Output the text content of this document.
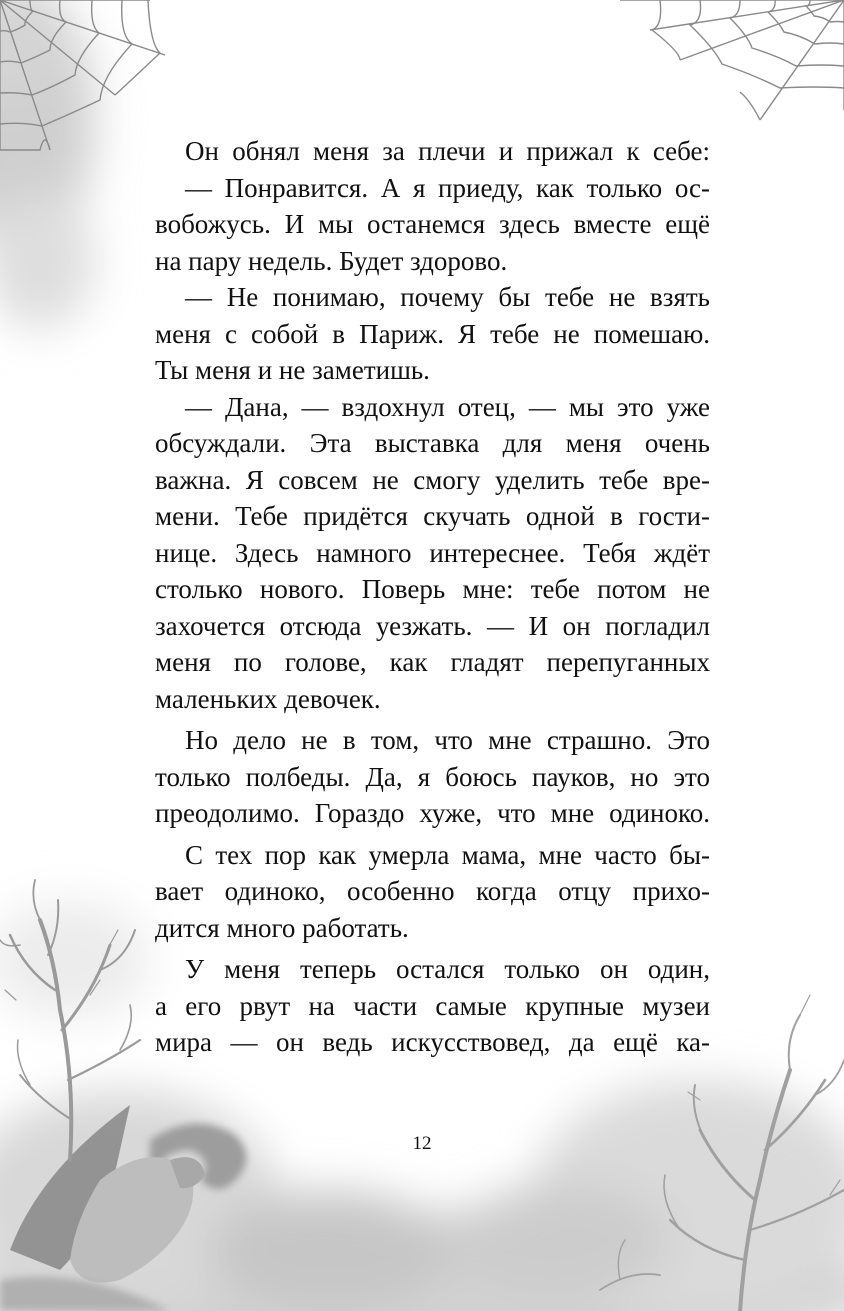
Он обнял меня за плечи и прижал к себе:
— Понравится. А я приеду, как только ос-
вобожусь. И мы останемся здесь вместе ещё
на пару недель. Будет здорово.
— Не понимаю, почему бы тебе не взять
меня с собой в Париж. Я тебе не помешаю.
Ты меня и не заметишь.
— Дана, — вздохнул отец, — мы это уже
обсуждали. Эта выставка для меня очень
важна. Я совсем не смогу уделить тебе вре-
мени. Тебе придётся скучать одной в гости-
нице. Здесь намного интереснее. Тебя ждёт
столько нового. Поверь мне: тебе потом не
захочется отсюда уезжать. — И он погладил
меня по голове, как гладят перепуганных
маленьких девочек.
Но дело не в том, что мне страшно. Это
только полбеды. Да, я боюсь пауков, но это
преодолимо. Гораздо хуже, что мне одиноко.
С тех пор как умерла мама, мне часто бы-
вает одиноко, особенно когда отцу прихо-
дится много работать.
У меня теперь остался только он один,
а его рвут на части самые крупные музеи
мира — он ведь искусствовед, да ещё ка-
12
